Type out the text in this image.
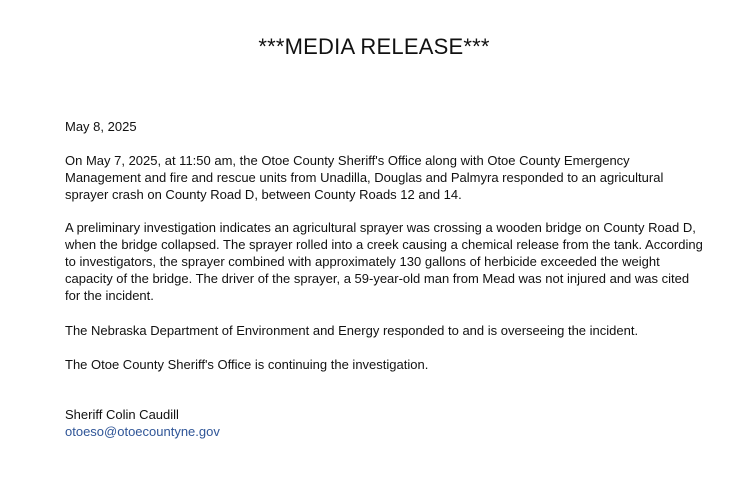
***MEDIA RELEASE***
May 8, 2025
On May 7, 2025, at 11:50 am, the Otoe County Sheriff's Office along with Otoe County Emergency Management and fire and rescue units from Unadilla, Douglas and Palmyra responded to an agricultural sprayer crash on County Road D, between County Roads 12 and 14.
A preliminary investigation indicates an agricultural sprayer was crossing a wooden bridge on County Road D, when the bridge collapsed. The sprayer rolled into a creek causing a chemical release from the tank. According to investigators, the sprayer combined with approximately 130 gallons of herbicide exceeded the weight capacity of the bridge. The driver of the sprayer, a 59-year-old man from Mead was not injured and was cited for the incident.
The Nebraska Department of Environment and Energy responded to and is overseeing the incident.
The Otoe County Sheriff's Office is continuing the investigation.
Sheriff Colin Caudill
otoeso@otoecountyne.gov
